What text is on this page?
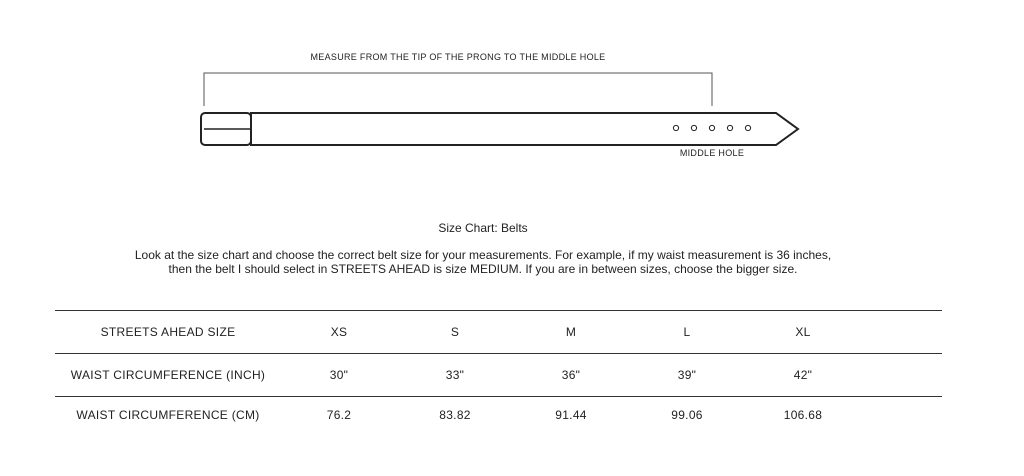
MEASURE FROM THE TIP OF THE PRONG TO THE MIDDLE HOLE
MIDDLE HOLE
Size Chart: Belts
Look at the size chart and choose the correct belt size for your measurements. For example, if my waist measurement is 36 inches,
then the belt I should select in STREETS AHEAD is size MEDIUM. If you are in between sizes, choose the bigger size.
STREETS AHEAD SIZE	XS	S	M	L	XL	
WAIST CIRCUMFERENCE (INCH)	30"	33"	36"	39"	42"	
WAIST CIRCUMFERENCE (CM)	76.2	83.82	91.44	99.06	106.68	
